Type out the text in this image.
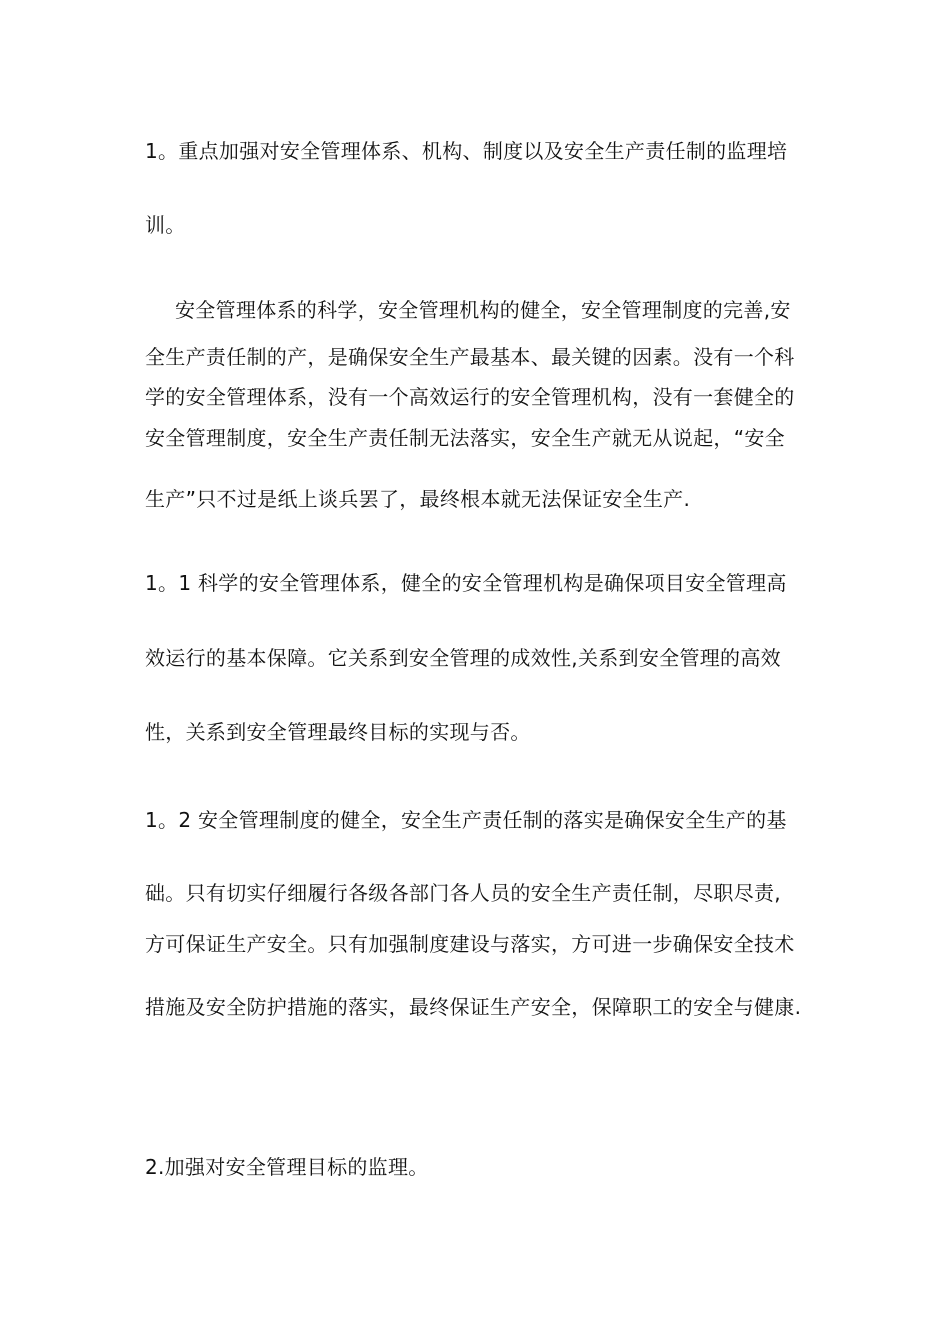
1。重点加强对安全管理体系、机构、制度以及安全生产责任制的监理培
训。
安全管理体系的科学，安全管理机构的健全，安全管理制度的完善,安
全生产责任制的产，是确保安全生产最基本、最关键的因素。没有一个科
学的安全管理体系，没有一个高效运行的安全管理机构，没有一套健全的
安全管理制度，安全生产责任制无法落实，安全生产就无从说起，“安全
生产”只不过是纸上谈兵罢了，最终根本就无法保证安全生产.
1。1 科学的安全管理体系，健全的安全管理机构是确保项目安全管理高
效运行的基本保障。它关系到安全管理的成效性,关系到安全管理的高效
性，关系到安全管理最终目标的实现与否。
1。2 安全管理制度的健全，安全生产责任制的落实是确保安全生产的基
础。只有切实仔细履行各级各部门各人员的安全生产责任制，尽职尽责,
方可保证生产安全。只有加强制度建设与落实，方可进一步确保安全技术
措施及安全防护措施的落实，最终保证生产安全，保障职工的安全与健康.
2.加强对安全管理目标的监理。
